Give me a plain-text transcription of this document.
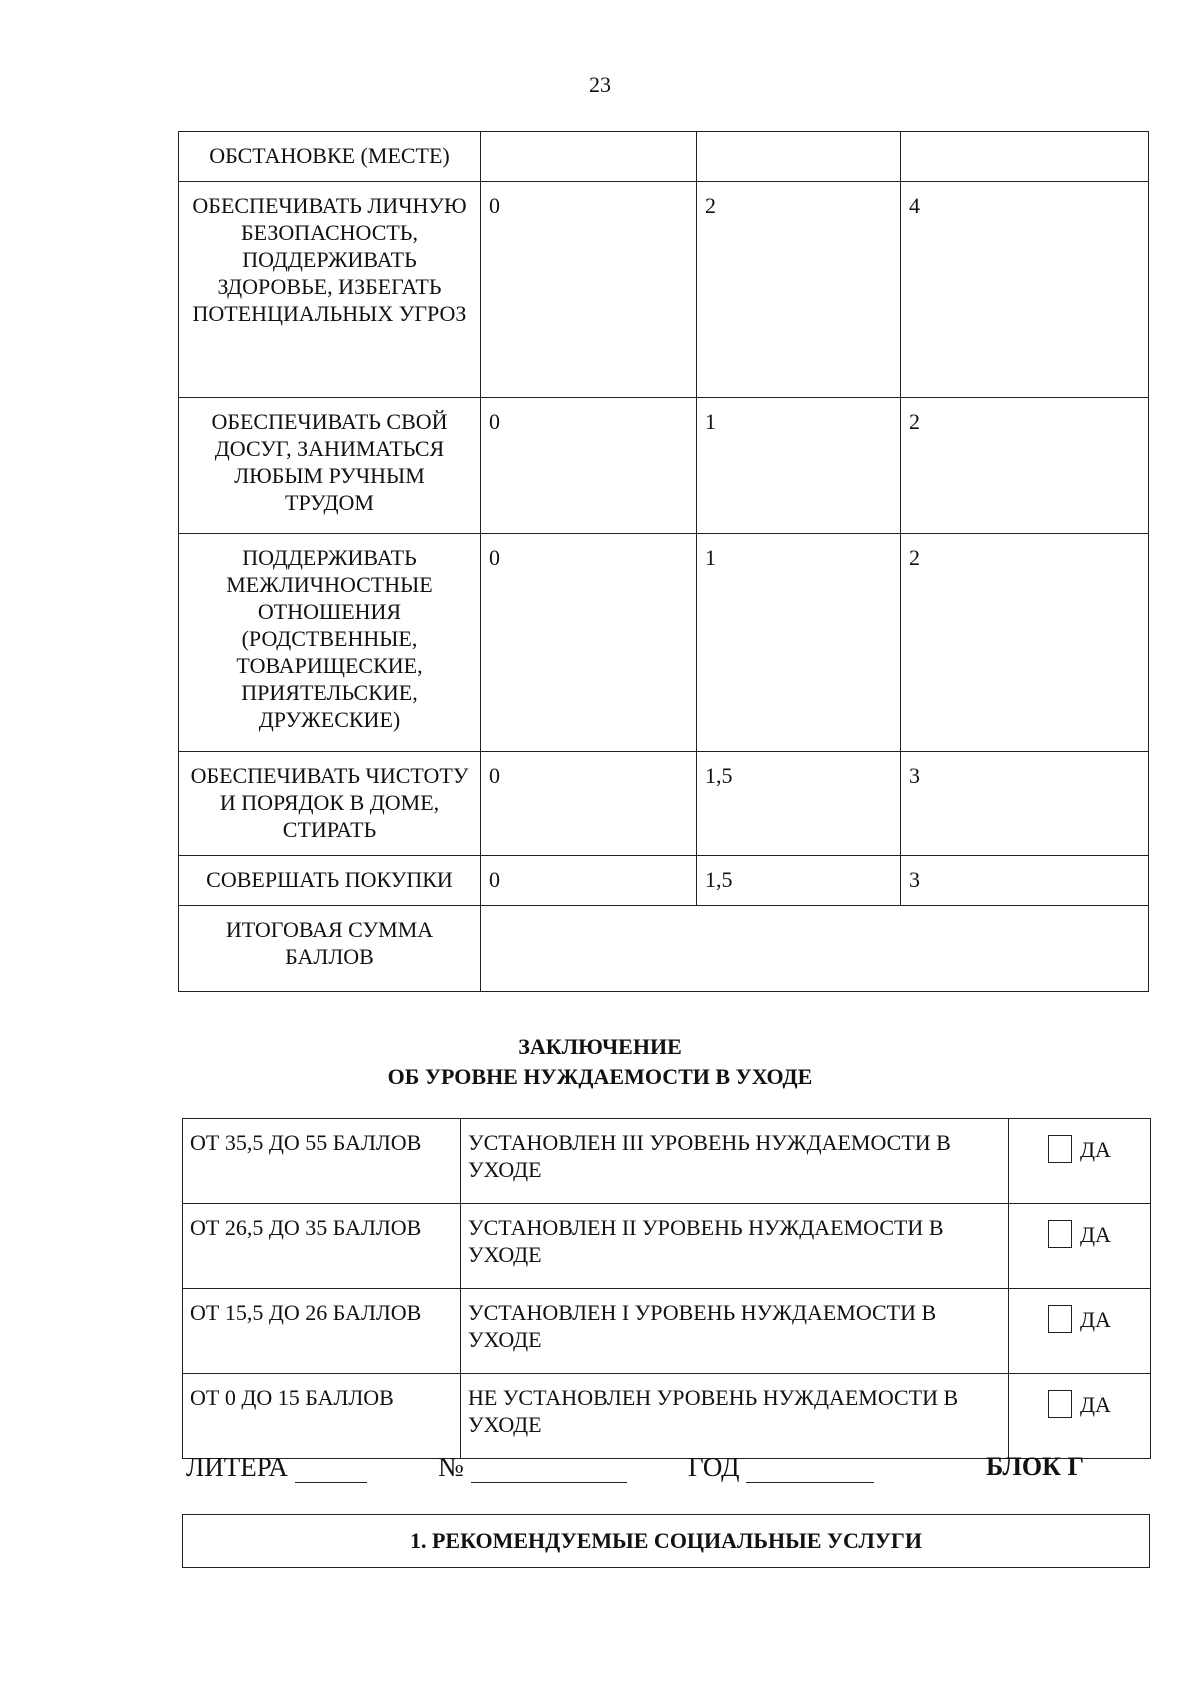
23
ОБСТАНОВКЕ (МЕСТЕ)			
ОБЕСПЕЧИВАТЬ ЛИЧНУЮ БЕЗОПАСНОСТЬ, ПОДДЕРЖИВАТЬ ЗДОРОВЬЕ, ИЗБЕГАТЬ ПОТЕНЦИАЛЬНЫХ УГРОЗ	0	2	4
ОБЕСПЕЧИВАТЬ СВОЙ ДОСУГ, ЗАНИМАТЬСЯ ЛЮБЫМ РУЧНЫМ ТРУДОМ	0	1	2
ПОДДЕРЖИВАТЬ МЕЖЛИЧНОСТНЫЕ ОТНОШЕНИЯ (РОДСТВЕННЫЕ, ТОВАРИЩЕСКИЕ, ПРИЯТЕЛЬСКИЕ, ДРУЖЕСКИЕ)	0	1	2
ОБЕСПЕЧИВАТЬ ЧИСТОТУ И ПОРЯДОК В ДОМЕ, СТИРАТЬ	0	1,5	3
СОВЕРШАТЬ ПОКУПКИ	0	1,5	3
ИТОГОВАЯ СУММА БАЛЛОВ			
ЗАКЛЮЧЕНИЕ
ОБ УРОВНЕ НУЖДАЕМОСТИ В УХОДЕ
ОТ 35,5 ДО 55 БАЛЛОВ	УСТАНОВЛЕН III УРОВЕНЬ НУЖДАЕМОСТИ В УХОДЕ	ДА

ОТ 26,5 ДО 35 БАЛЛОВ	УСТАНОВЛЕН II УРОВЕНЬ НУЖДАЕМОСТИ В УХОДЕ	ДА

ОТ 15,5 ДО 26 БАЛЛОВ	УСТАНОВЛЕН I УРОВЕНЬ НУЖДАЕМОСТИ В УХОДЕ	ДА

ОТ 0 ДО 15 БАЛЛОВ	НЕ УСТАНОВЛЕН УРОВЕНЬ НУЖДАЕМОСТИ В УХОДЕ	ДА
ЛИТЕРА	№	ГОД	БЛОК Г
1. РЕКОМЕНДУЕМЫЕ СОЦИАЛЬНЫЕ УСЛУГИ
